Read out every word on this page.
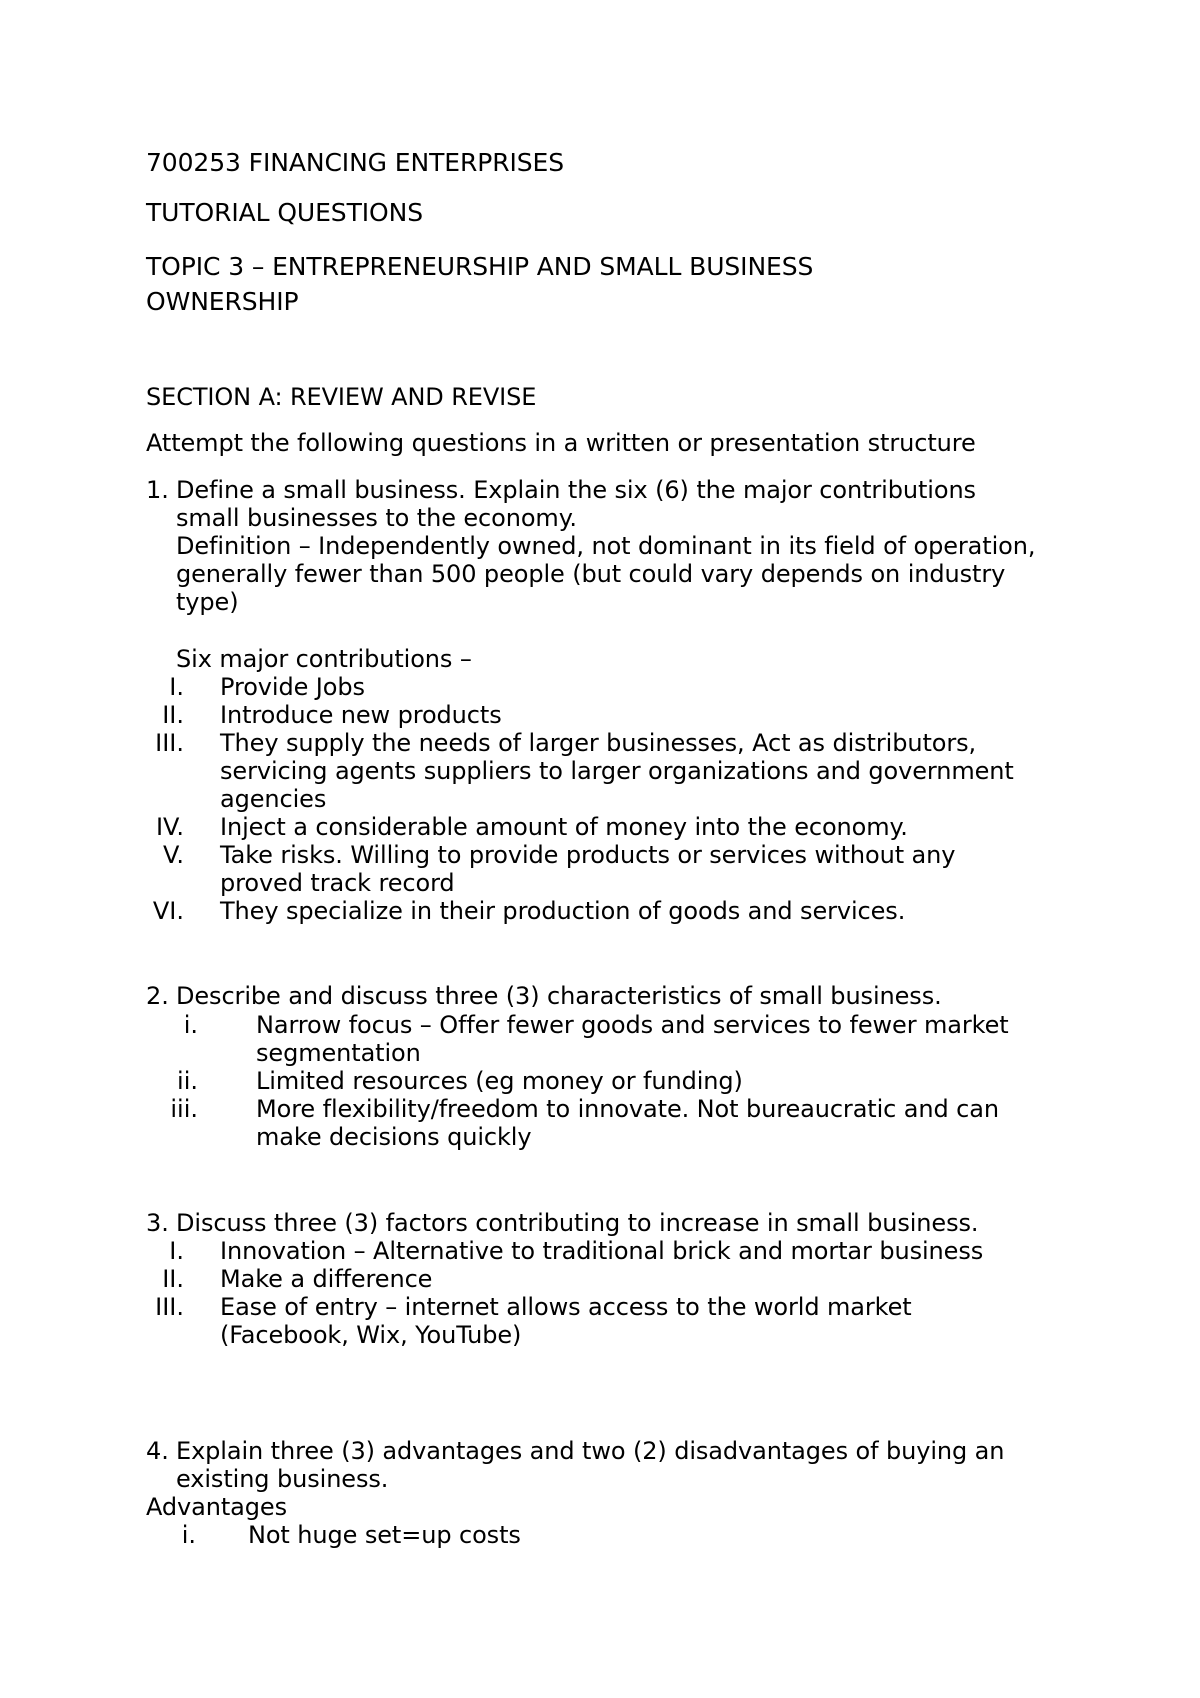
700253 FINANCING ENTERPRISES
TUTORIAL QUESTIONS
TOPIC 3 – ENTREPRENEURSHIP AND SMALL BUSINESS
OWNERSHIP
SECTION A: REVIEW AND REVISE
Attempt the following questions in a written or presentation structure
1. Define a small business. Explain the six (6) the major contributions
small businesses to the economy.
Definition – Independently owned, not dominant in its field of operation,
generally fewer than 500 people (but could vary depends on industry
type)
Six major contributions –
I. Provide Jobs
II. Introduce new products
III. They supply the needs of larger businesses, Act as distributors,
servicing agents suppliers to larger organizations and government
agencies
IV. Inject a considerable amount of money into the economy.
V. Take risks. Willing to provide products or services without any
proved track record
VI. They specialize in their production of goods and services.
2. Describe and discuss three (3) characteristics of small business.
i. Narrow focus – Offer fewer goods and services to fewer market
segmentation
ii. Limited resources (eg money or funding)
iii. More flexibility/freedom to innovate. Not bureaucratic and can
make decisions quickly
3. Discuss three (3) factors contributing to increase in small business.
I. Innovation – Alternative to traditional brick and mortar business
II. Make a difference
III. Ease of entry – internet allows access to the world market
(Facebook, Wix, YouTube)
4. Explain three (3) advantages and two (2) disadvantages of buying an
existing business.
Advantages
i. Not huge set=up costs
